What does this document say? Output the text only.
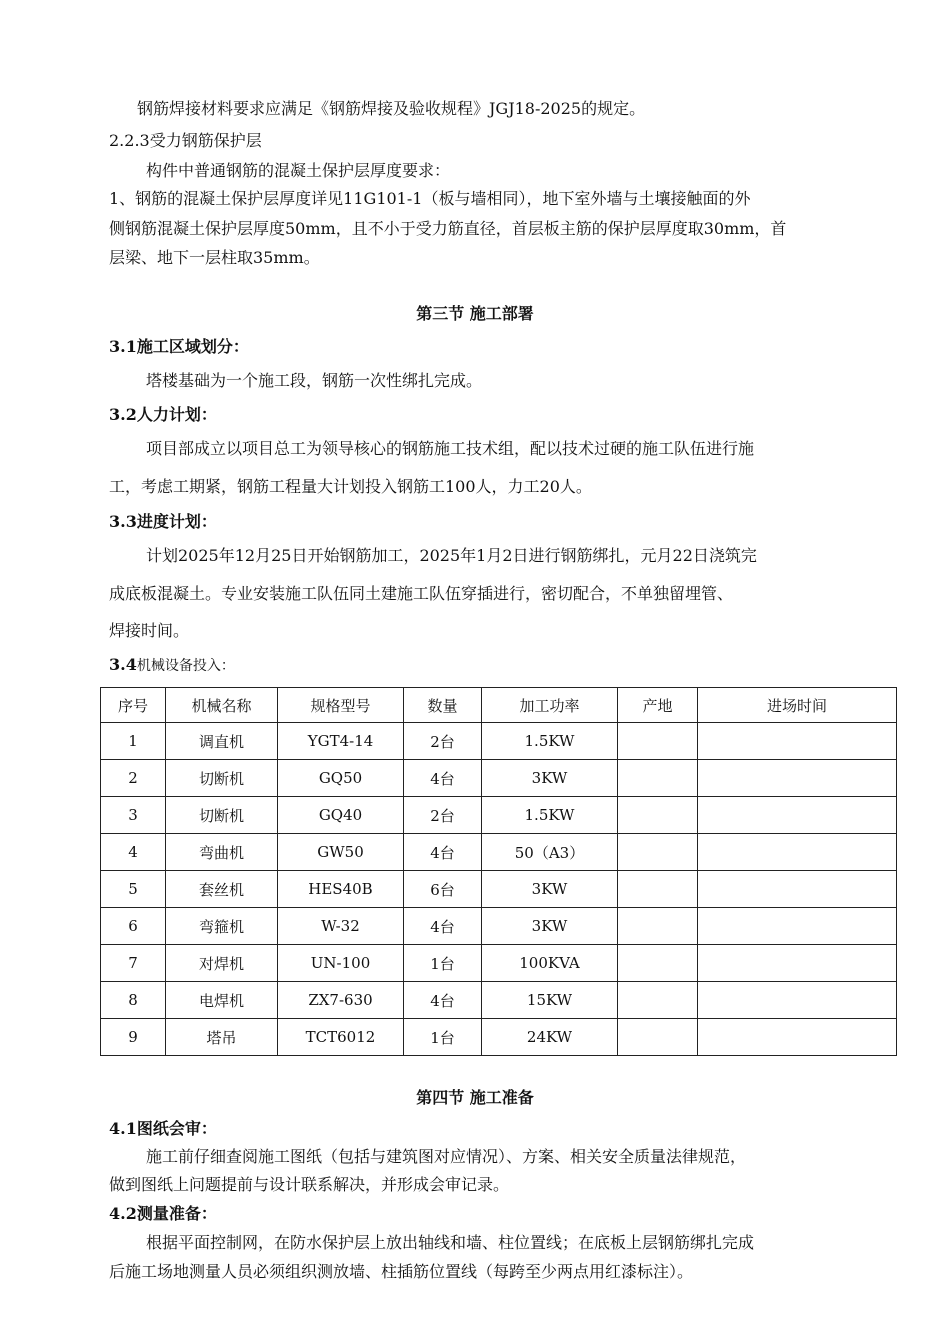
钢筋焊接材料要求应满足《钢筋焊接及验收规程》JGJ18-2025的规定。
2.2.3受力钢筋保护层
构件中普通钢筋的混凝土保护层厚度要求：
1、钢筋的混凝土保护层厚度详见11G101-1（板与墙相同），地下室外墙与土壤接触面的外
侧钢筋混凝土保护层厚度50mm，且不小于受力筋直径，首层板主筋的保护层厚度取30mm，首
层梁、地下一层柱取35mm。
第三节 施工部署
3.1施工区域划分：
塔楼基础为一个施工段，钢筋一次性绑扎完成。
3.2人力计划：
项目部成立以项目总工为领导核心的钢筋施工技术组，配以技术过硬的施工队伍进行施
工，考虑工期紧，钢筋工程量大计划投入钢筋工100人，力工20人。
3.3进度计划：
计划2025年12月25日开始钢筋加工，2025年1月2日进行钢筋绑扎，元月22日浇筑完
成底板混凝土。专业安装施工队伍同土建施工队伍穿插进行，密切配合，不单独留埋管、
焊接时间。
3.4机械设备投入：
序号	机械名称	规格型号	数量	加工功率	产地	进场时间
1	调直机	YGT4-14	2台	1.5KW		
2	切断机	GQ50	4台	3KW		
3	切断机	GQ40	2台	1.5KW		
4	弯曲机	GW50	4台	50（A3）		
5	套丝机	HES40B	6台	3KW		
6	弯箍机	W-32	4台	3KW		
7	对焊机	UN-100	1台	100KVA		
8	电焊机	ZX7-630	4台	15KW		
9	塔吊	TCT6012	1台	24KW		
第四节 施工准备
4.1图纸会审：
施工前仔细查阅施工图纸（包括与建筑图对应情况）、方案、相关安全质量法律规范，
做到图纸上问题提前与设计联系解决，并形成会审记录。
4.2测量准备：
根据平面控制网，在防水保护层上放出轴线和墙、柱位置线；在底板上层钢筋绑扎完成
后施工场地测量人员必须组织测放墙、柱插筋位置线（每跨至少两点用红漆标注）。
